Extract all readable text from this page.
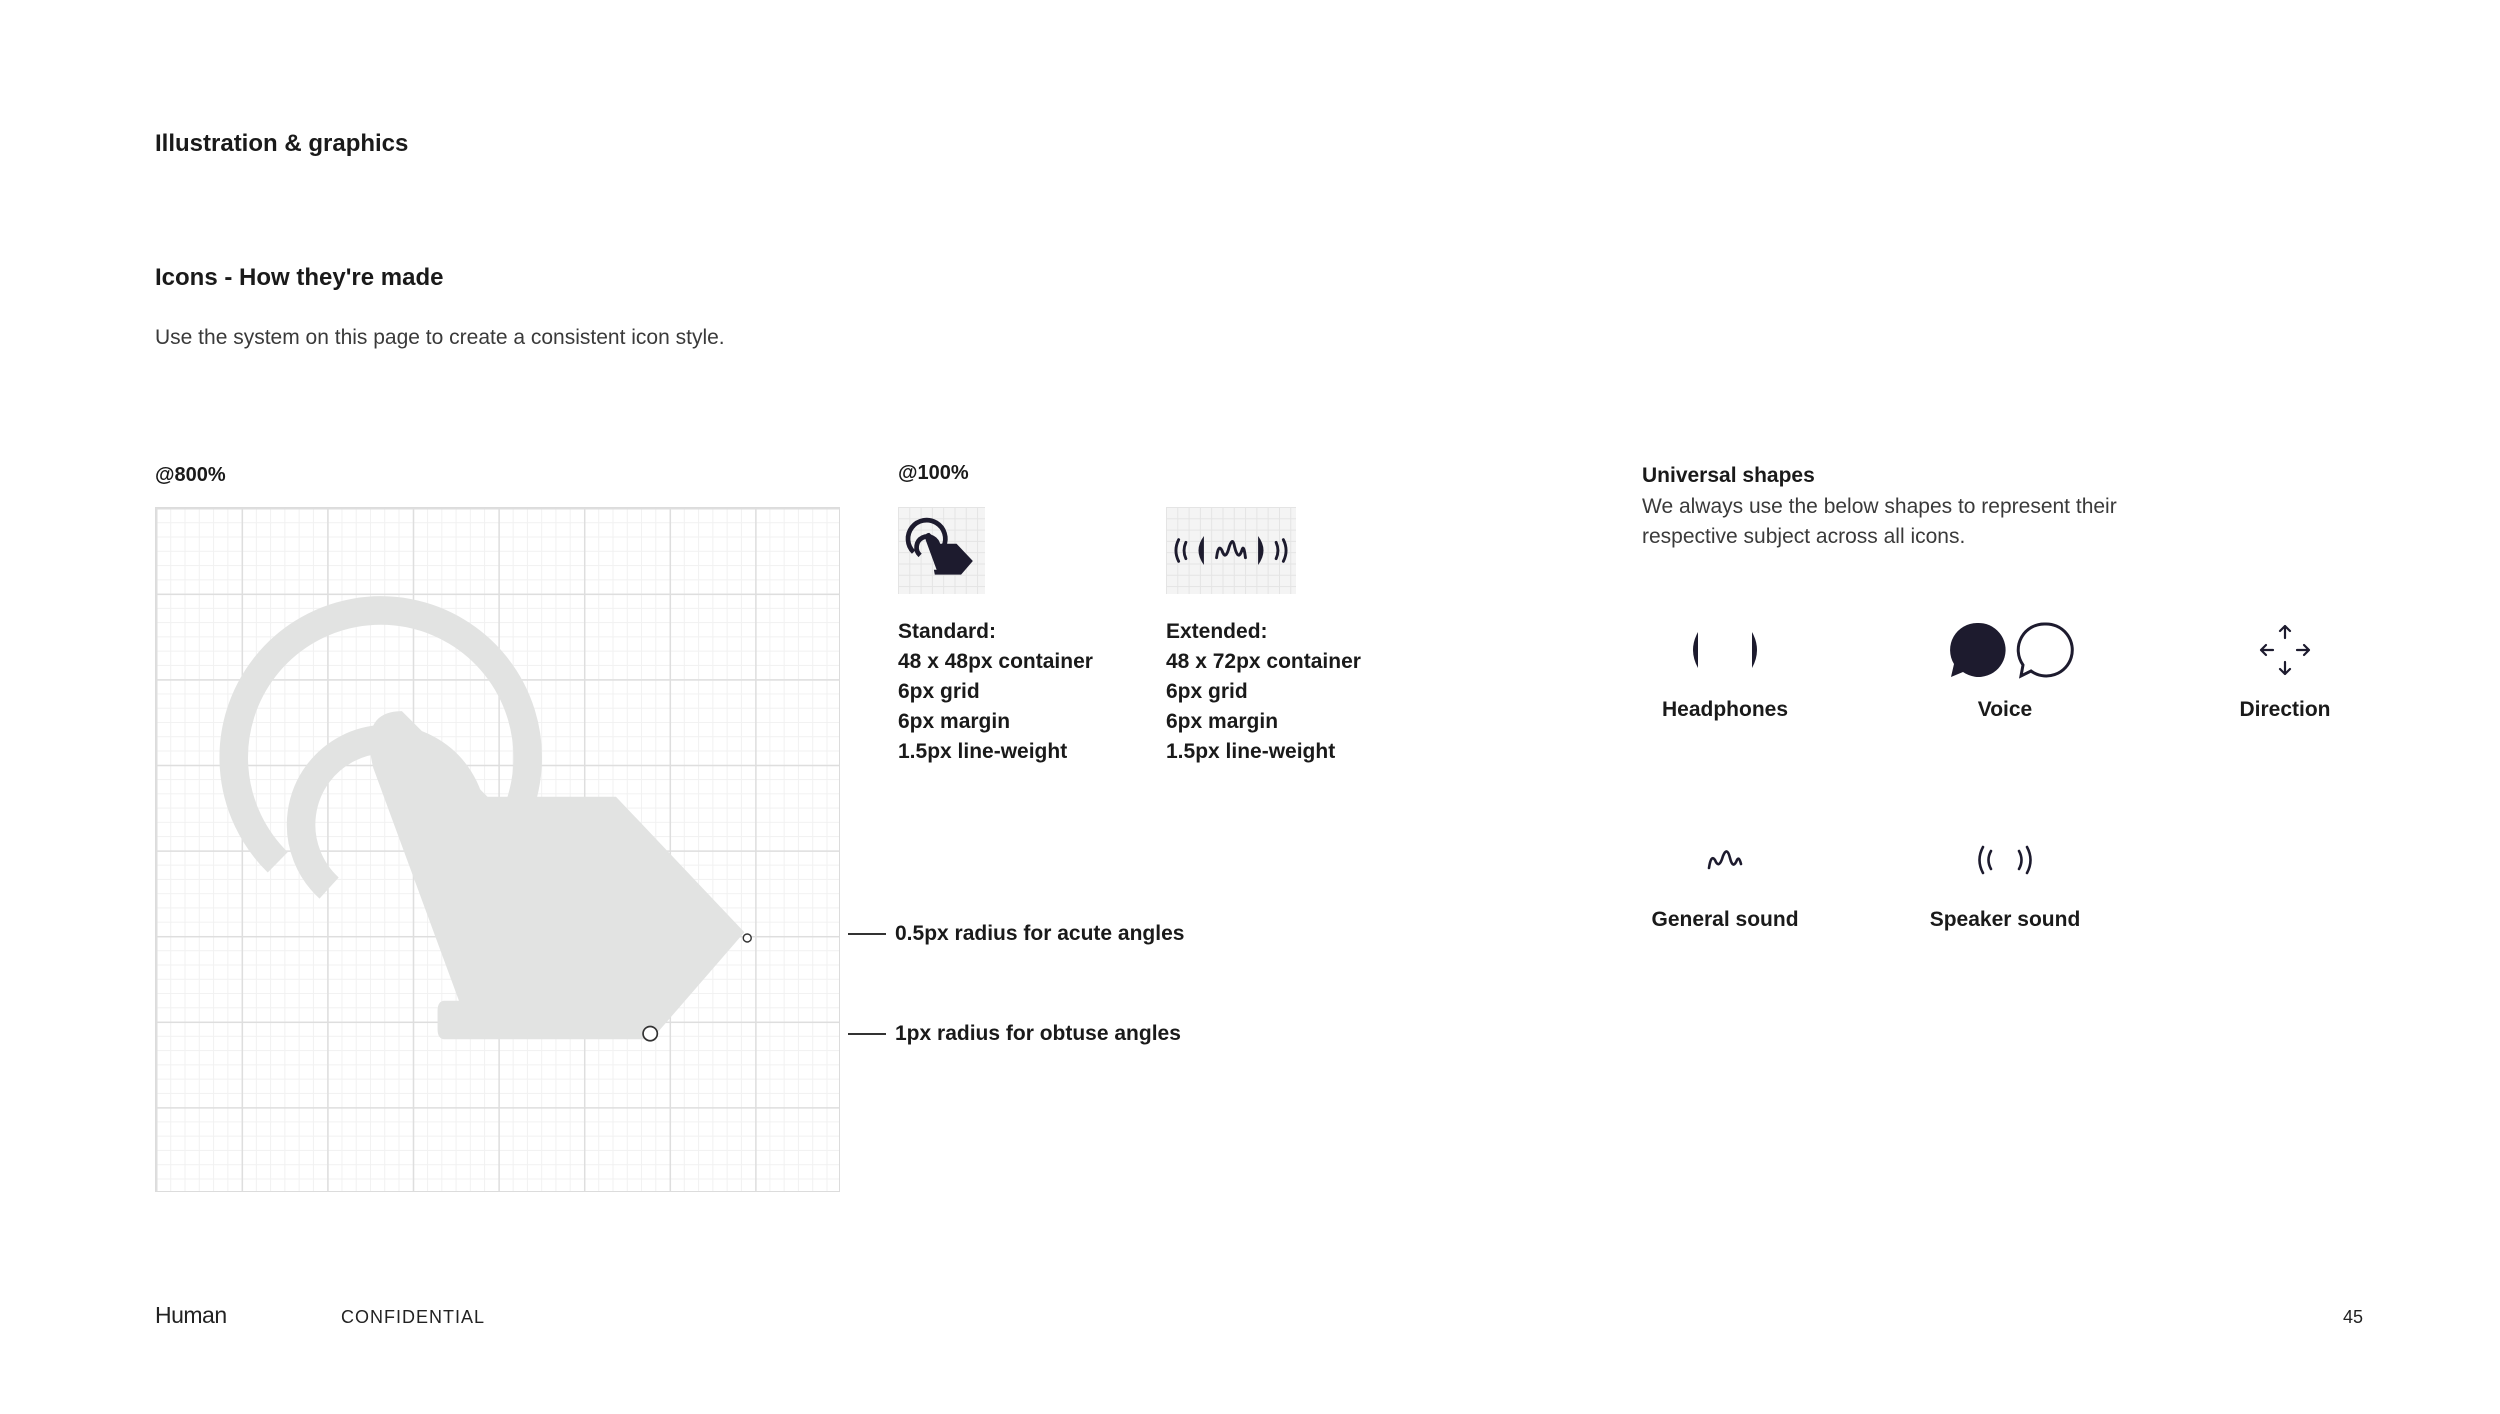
Illustration & graphics
Icons - How they're made

Use the system on this page to create a consistent icon style.

@800%
0.5px radius for acute angles
1px radius for obtuse angles
@100%
Standard:
48 x 48px container
6px grid
6px margin
1.5px line-weight
Extended:
48 x 72px container
6px grid
6px margin
1.5px line-weight
Universal shapes
We always use the below shapes to represent their respective subject across all icons.
Headphones	Voice	Direction
General sound	Speaker sound
Human	CONFIDENTIAL	45
